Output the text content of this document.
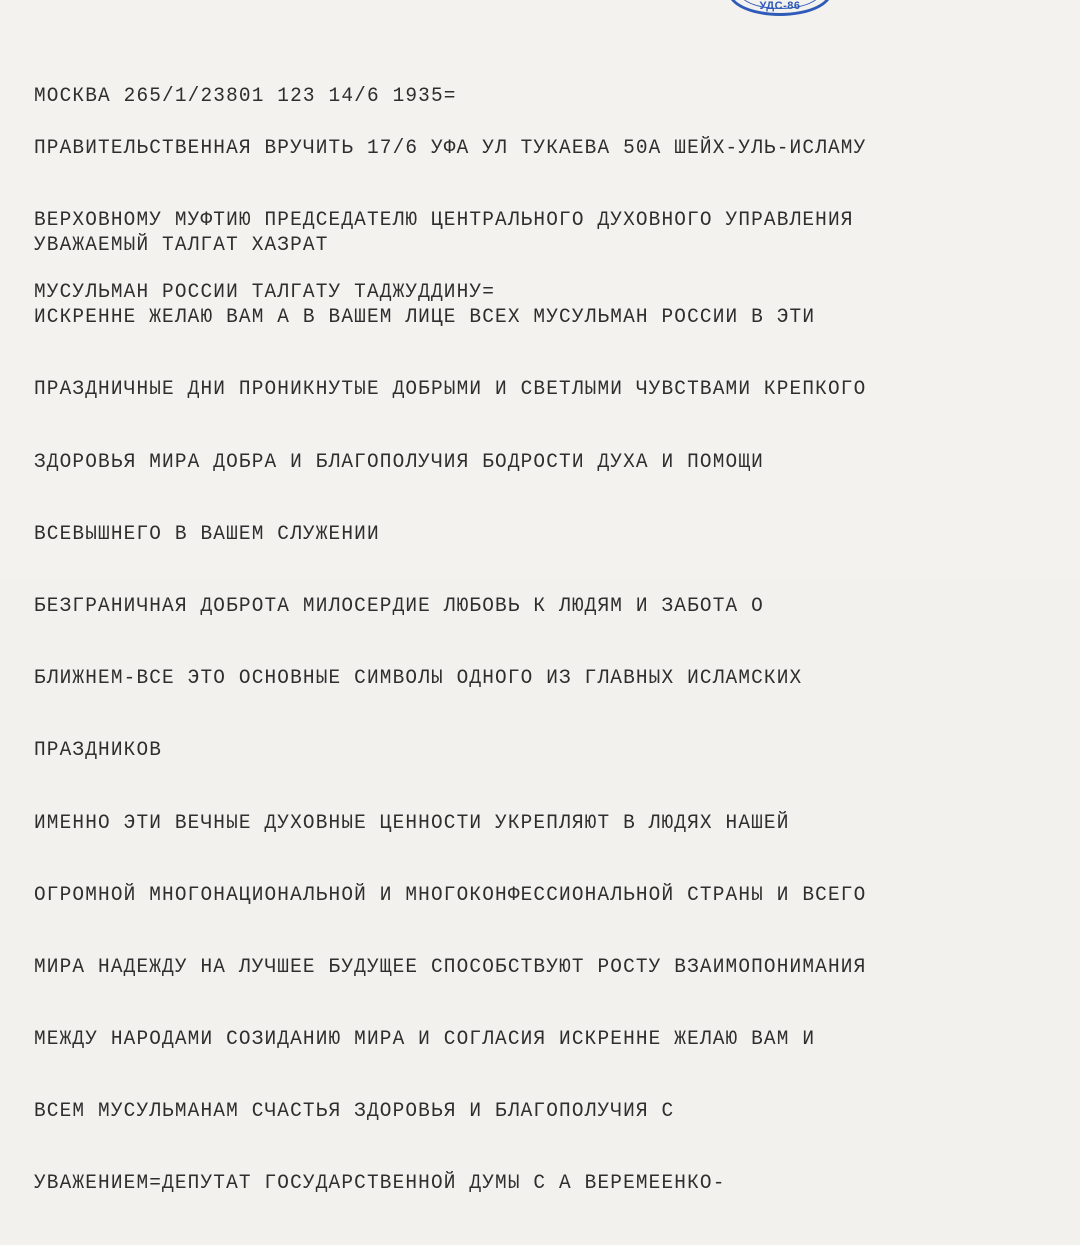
УДС-86

МОСКВА 265/1/23801 123 14/6 1935=

ПРАВИТЕЛЬСТВЕННАЯ ВРУЧИТЬ 17/6 УФА УЛ ТУКАЕВА 50А ШЕЙХ-УЛЬ-ИСЛАМУ

ВЕРХОВНОМУ МУФТИЮ ПРЕДСЕДАТЕЛЮ ЦЕНТРАЛЬНОГО ДУХОВНОГО УПРАВЛЕНИЯ

МУСУЛЬМАН РОССИИ ТАЛГАТУ ТАДЖУДДИНУ=

УВАЖАЕМЫЙ ТАЛГАТ ХАЗРАТ

ИСКРЕННЕ ЖЕЛАЮ ВАМ А В ВАШЕМ ЛИЦЕ ВСЕХ МУСУЛЬМАН РОССИИ В ЭТИ

ПРАЗДНИЧНЫЕ ДНИ ПРОНИКНУТЫЕ ДОБРЫМИ И СВЕТЛЫМИ ЧУВСТВАМИ КРЕПКОГО

ЗДОРОВЬЯ МИРА ДОБРА И БЛАГОПОЛУЧИЯ БОДРОСТИ ДУХА И ПОМОЩИ

ВСЕВЫШНЕГО В ВАШЕМ СЛУЖЕНИИ

БЕЗГРАНИЧНАЯ ДОБРОТА МИЛОСЕРДИЕ ЛЮБОВЬ К ЛЮДЯМ И ЗАБОТА О

БЛИЖНЕМ-ВСЕ ЭТО ОСНОВНЫЕ СИМВОЛЫ ОДНОГО ИЗ ГЛАВНЫХ ИСЛАМСКИХ

ПРАЗДНИКОВ

ИМЕННО ЭТИ ВЕЧНЫЕ ДУХОВНЫЕ ЦЕННОСТИ УКРЕПЛЯЮТ В ЛЮДЯХ НАШЕЙ

ОГРОМНОЙ МНОГОНАЦИОНАЛЬНОЙ И МНОГОКОНФЕССИОНАЛЬНОЙ СТРАНЫ И ВСЕГО

МИРА НАДЕЖДУ НА ЛУЧШЕЕ БУДУЩЕЕ СПОСОБСТВУЮТ РОСТУ ВЗАИМОПОНИМАНИЯ

МЕЖДУ НАРОДАМИ СОЗИДАНИЮ МИРА И СОГЛАСИЯ ИСКРЕННЕ ЖЕЛАЮ ВАМ И

ВСЕМ МУСУЛЬМАНАМ СЧАСТЬЯ ЗДОРОВЬЯ И БЛАГОПОЛУЧИЯ С

УВАЖЕНИЕМ=ДЕПУТАТ ГОСУДАРСТВЕННОЙ ДУМЫ С А ВЕРЕМЕЕНКО-
